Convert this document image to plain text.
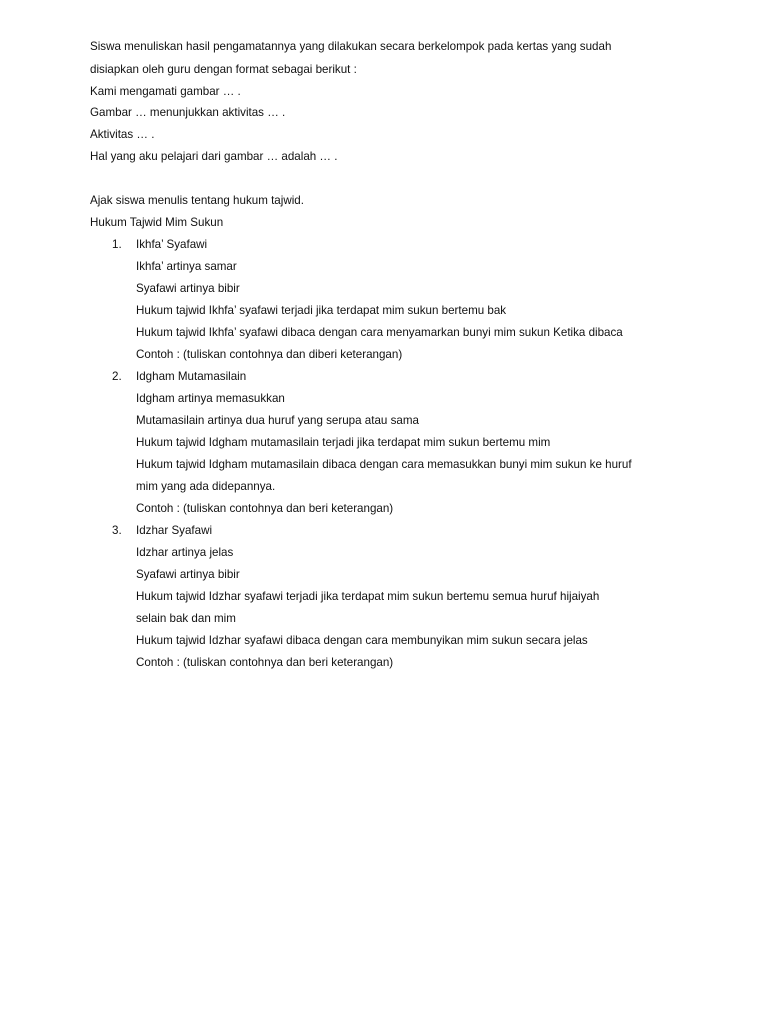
Siswa menuliskan hasil pengamatannya yang dilakukan secara berkelompok pada kertas yang sudah
disiapkan oleh guru dengan format sebagai berikut :
Kami mengamati gambar … .
Gambar … menunjukkan aktivitas … .
Aktivitas … .
Hal yang aku pelajari dari gambar … adalah … .
Ajak siswa menulis tentang hukum tajwid.
Hukum Tajwid Mim Sukun
1. Ikhfa’ Syafawi
Ikhfa’ artinya samar
Syafawi artinya bibir
Hukum tajwid Ikhfa’ syafawi terjadi jika terdapat mim sukun bertemu bak
Hukum tajwid Ikhfa’ syafawi dibaca dengan cara menyamarkan bunyi mim sukun Ketika dibaca
Contoh : (tuliskan contohnya dan diberi keterangan)
2. Idgham Mutamasilain
Idgham artinya memasukkan
Mutamasilain artinya dua huruf yang serupa atau sama
Hukum tajwid Idgham mutamasilain terjadi jika terdapat mim sukun bertemu mim
Hukum tajwid Idgham mutamasilain dibaca dengan cara memasukkan bunyi mim sukun ke huruf
mim yang ada didepannya.
Contoh : (tuliskan contohnya dan beri keterangan)
3. Idzhar Syafawi
Idzhar artinya jelas
Syafawi artinya bibir
Hukum tajwid Idzhar syafawi terjadi jika terdapat mim sukun bertemu semua huruf hijaiyah
selain bak dan mim
Hukum tajwid Idzhar syafawi dibaca dengan cara membunyikan mim sukun secara jelas
Contoh : (tuliskan contohnya dan beri keterangan)
